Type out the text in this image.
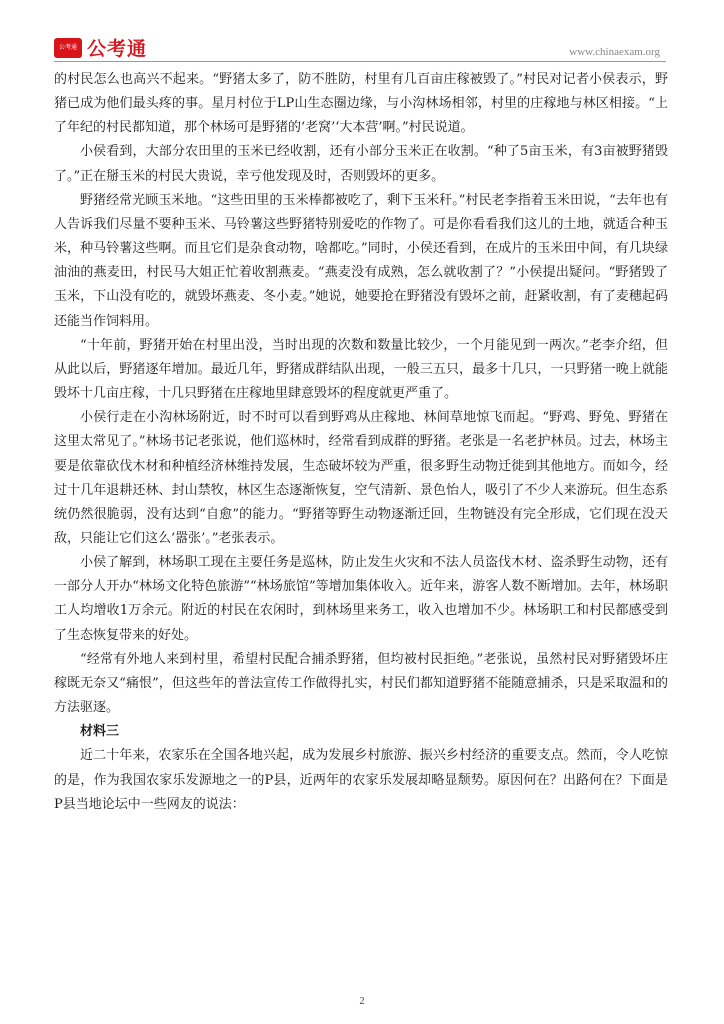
公考通 公考通	www.chinaexam.org

的村民怎么也高兴不起来。“野猪太多了，防不胜防，村里有几百亩庄稼被毁了。”村民对记者小侯表示，野猪已成为他们最头疼的事。星月村位于LP山生态圈边缘，与小沟林场相邻，村里的庄稼地与林区相接。“上了年纪的村民都知道，那个林场可是野猪的‘老窝’‘大本营’啊。”村民说道。

小侯看到，大部分农田里的玉米已经收割，还有小部分玉米正在收割。“种了5亩玉米，有3亩被野猪毁了。”正在掰玉米的村民大贵说，幸亏他发现及时，否则毁坏的更多。

野猪经常光顾玉米地。“这些田里的玉米棒都被吃了，剩下玉米秆。”村民老李指着玉米田说，“去年也有人告诉我们尽量不要种玉米、马铃薯这些野猪特别爱吃的作物了。可是你看看我们这儿的土地，就适合种玉米，种马铃薯这些啊。而且它们是杂食动物，啥都吃。”同时，小侯还看到，在成片的玉米田中间，有几块绿油油的燕麦田，村民马大姐正忙着收割燕麦。“燕麦没有成熟，怎么就收割了？”小侯提出疑问。“野猪毁了玉米，下山没有吃的，就毁坏燕麦、冬小麦。”她说，她要抢在野猪没有毁坏之前，赶紧收割，有了麦穗起码还能当作饲料用。

“十年前，野猪开始在村里出没，当时出现的次数和数量比较少，一个月能见到一两次。”老李介绍，但从此以后，野猪逐年增加。最近几年，野猪成群结队出现，一般三五只，最多十几只，一只野猪一晚上就能毁坏十几亩庄稼，十几只野猪在庄稼地里肆意毁坏的程度就更严重了。

小侯行走在小沟林场附近，时不时可以看到野鸡从庄稼地、林间草地惊飞而起。“野鸡、野兔、野猪在这里太常见了。”林场书记老张说，他们巡林时，经常看到成群的野猪。老张是一名老护林员。过去，林场主要是依靠砍伐木材和种植经济林维持发展，生态破坏较为严重，很多野生动物迁徙到其他地方。而如今，经过十几年退耕还林、封山禁牧，林区生态逐渐恢复，空气清新、景色怡人，吸引了不少人来游玩。但生态系统仍然很脆弱，没有达到“自愈”的能力。“野猪等野生动物逐渐迁回，生物链没有完全形成，它们现在没天敌，只能让它们这么‘嚣张’。”老张表示。

小侯了解到，林场职工现在主要任务是巡林，防止发生火灾和不法人员盗伐木材、盗杀野生动物，还有一部分人开办“林场文化特色旅游”“林场旅馆”等增加集体收入。近年来，游客人数不断增加。去年，林场职工人均增收1万余元。附近的村民在农闲时，到林场里来务工，收入也增加不少。林场职工和村民都感受到了生态恢复带来的好处。

“经常有外地人来到村里，希望村民配合捕杀野猪，但均被村民拒绝。”老张说，虽然村民对野猪毁坏庄稼既无奈又“痛恨”，但这些年的普法宣传工作做得扎实，村民们都知道野猪不能随意捕杀，只是采取温和的方法驱逐。

材料三

近二十年来，农家乐在全国各地兴起，成为发展乡村旅游、振兴乡村经济的重要支点。然而，令人吃惊的是，作为我国农家乐发源地之一的P县，近两年的农家乐发展却略显颓势。原因何在？出路何在？下面是P县当地论坛中一些网友的说法：

2
